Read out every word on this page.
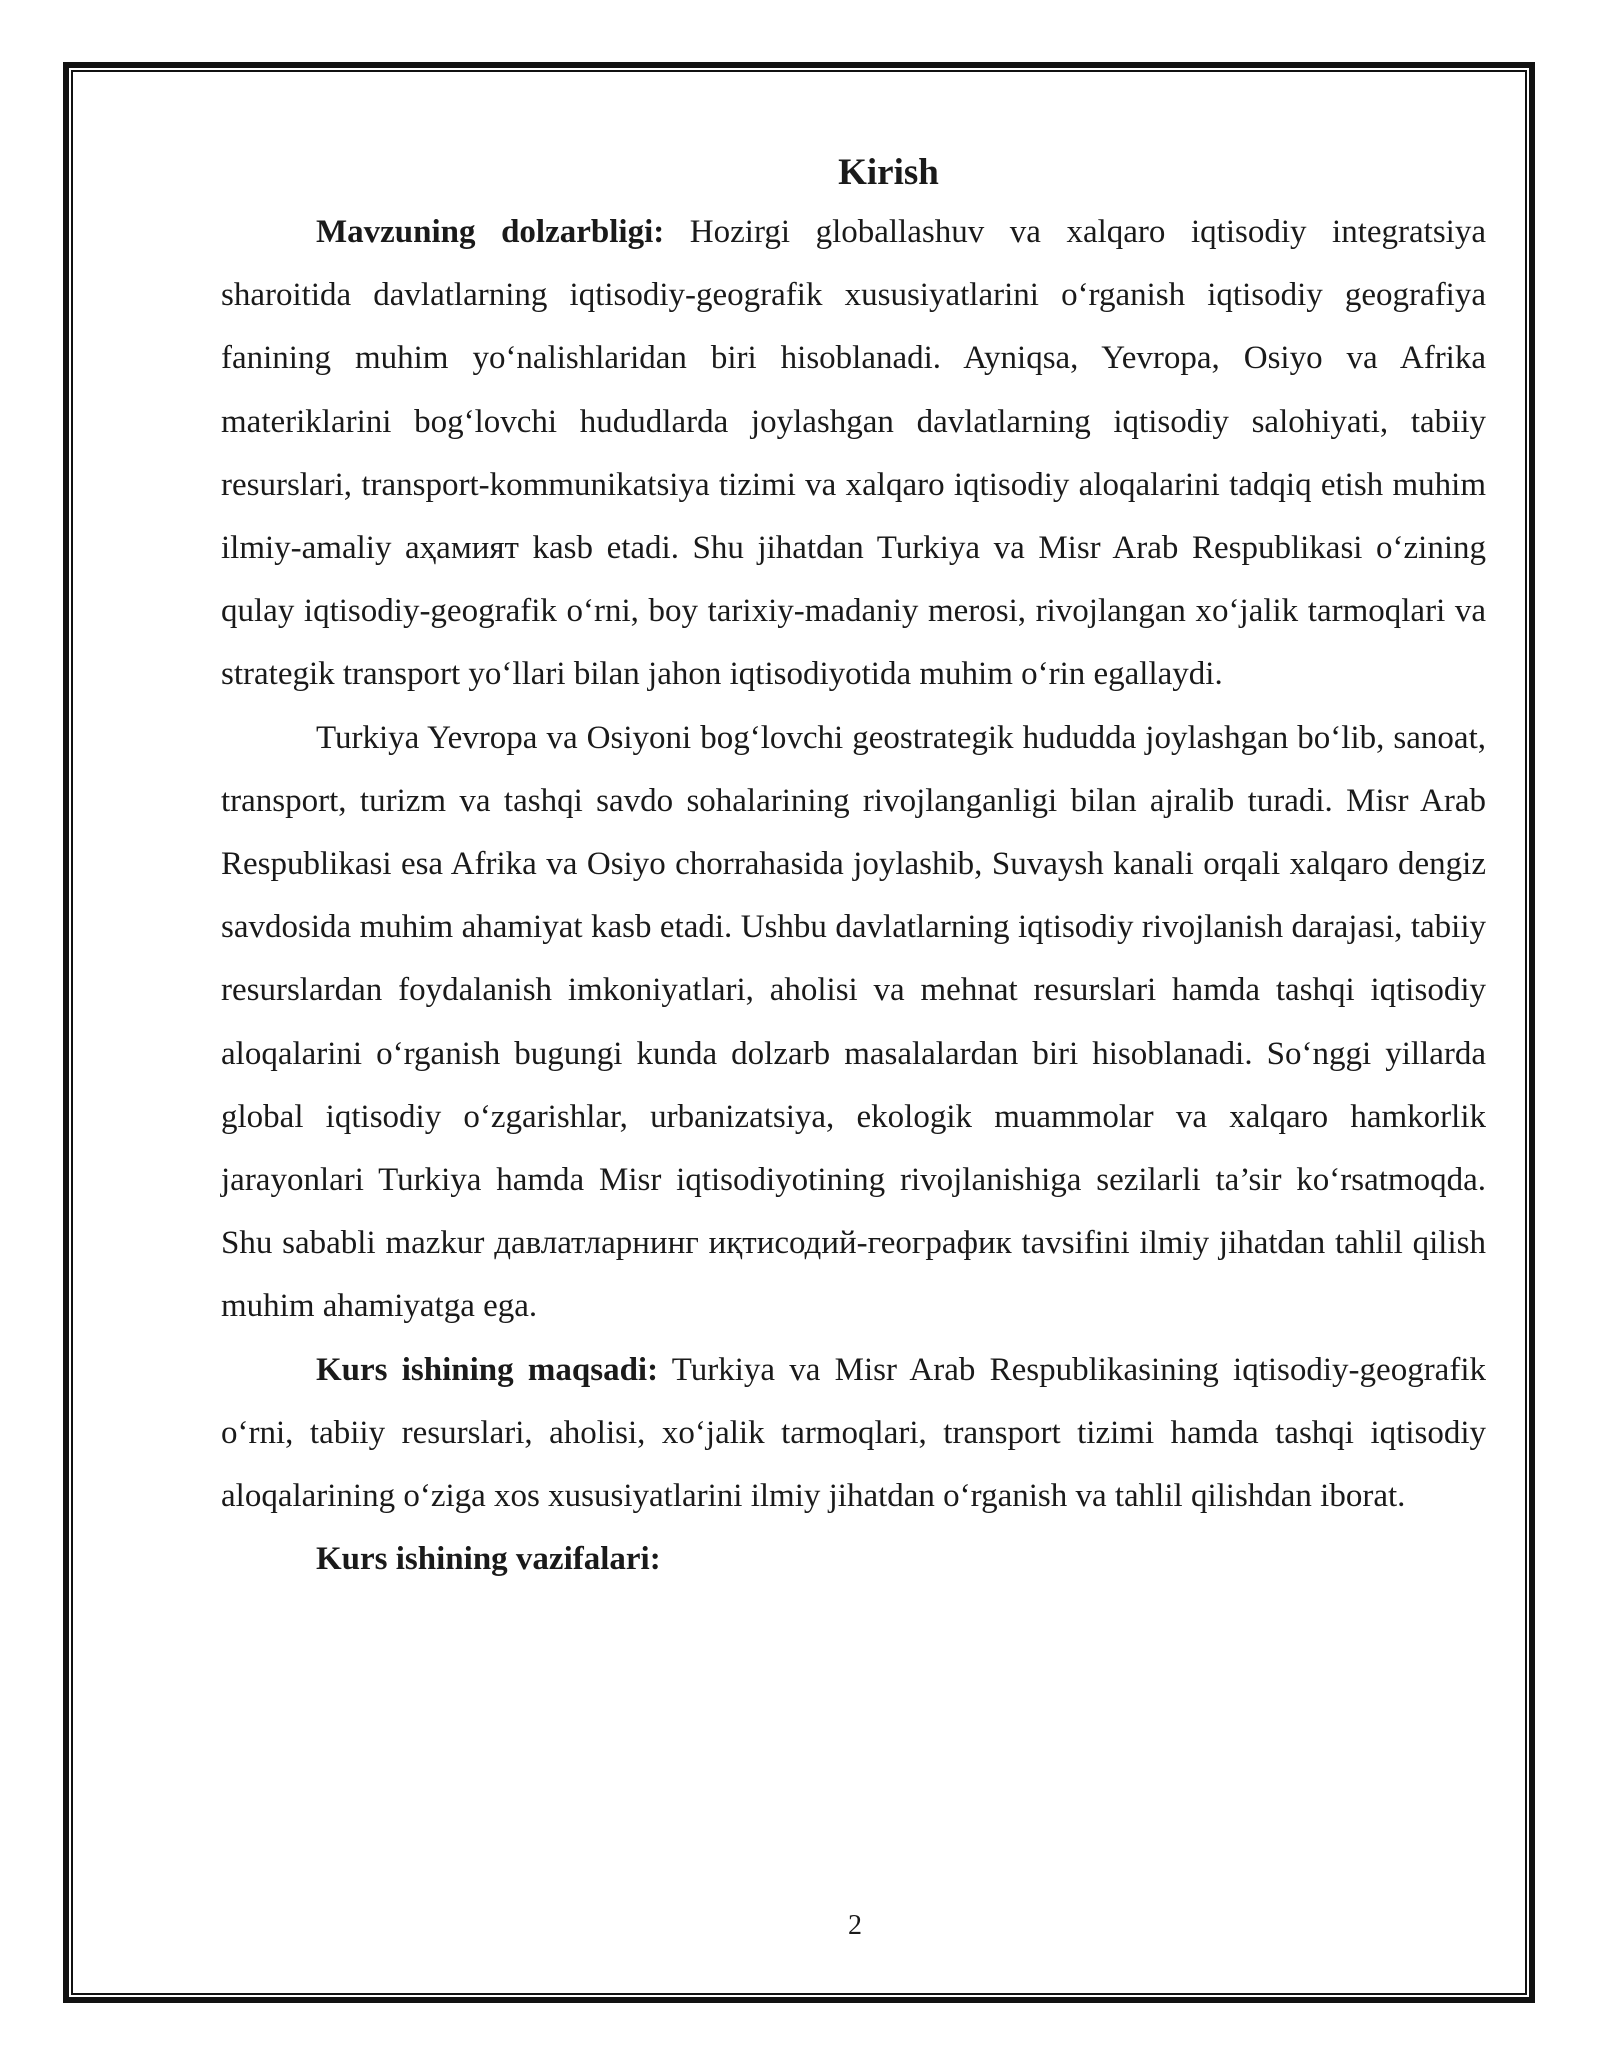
Kirish

Mavzuning dolzarbligi: Hozirgi globallashuv va xalqaro iqtisodiy integratsiya sharoitida davlatlarning iqtisodiy-geografik xususiyatlarini o‘rganish iqtisodiy geografiya fanining muhim yo‘nalishlaridan biri hisoblanadi. Ayniqsa, Yevropa, Osiyo va Afrika materiklarini bog‘lovchi hududlarda joylashgan davlatlarning iqtisodiy salohiyati, tabiiy resurslari, transport-kommunikatsiya tizimi va xalqaro iqtisodiy aloqalarini tadqiq etish muhim ilmiy-amaliy аҳамият kasb etadi. Shu jihatdan Turkiya va Misr Arab Respublikasi o‘zining qulay iqtisodiy-geografik o‘rni, boy tarixiy-madaniy merosi, rivojlangan xo‘jalik tarmoqlari va strategik transport yo‘llari bilan jahon iqtisodiyotida muhim o‘rin egallaydi.

Turkiya Yevropa va Osiyoni bog‘lovchi geostrategik hududda joylashgan bo‘lib, sanoat, transport, turizm va tashqi savdo sohalarining rivojlanganligi bilan ajralib turadi. Misr Arab Respublikasi esa Afrika va Osiyo chorrahasida joylashib, Suvaysh kanali orqali xalqaro dengiz savdosida muhim ahamiyat kasb etadi. Ushbu davlatlarning iqtisodiy rivojlanish darajasi, tabiiy resurslardan foydalanish imkoniyatlari, aholisi va mehnat resurslari hamda tashqi iqtisodiy aloqalarini o‘rganish bugungi kunda dolzarb masalalardan biri hisoblanadi. So‘nggi yillarda global iqtisodiy o‘zgarishlar, urbanizatsiya, ekologik muammolar va xalqaro hamkorlik jarayonlari Turkiya hamda Misr iqtisodiyotining rivojlanishiga sezilarli ta’sir ko‘rsatmoqda. Shu sababli mazkur давлатларнинг иқтисодий-географик tavsifini ilmiy jihatdan tahlil qilish muhim ahamiyatga ega.

Kurs ishining maqsadi: Turkiya va Misr Arab Respublikasining iqtisodiy-geografik o‘rni, tabiiy resurslari, aholisi, xo‘jalik tarmoqlari, transport tizimi hamda tashqi iqtisodiy aloqalarining o‘ziga xos xususiyatlarini ilmiy jihatdan o‘rganish va tahlil qilishdan iborat.

Kurs ishining vazifalari:

2
